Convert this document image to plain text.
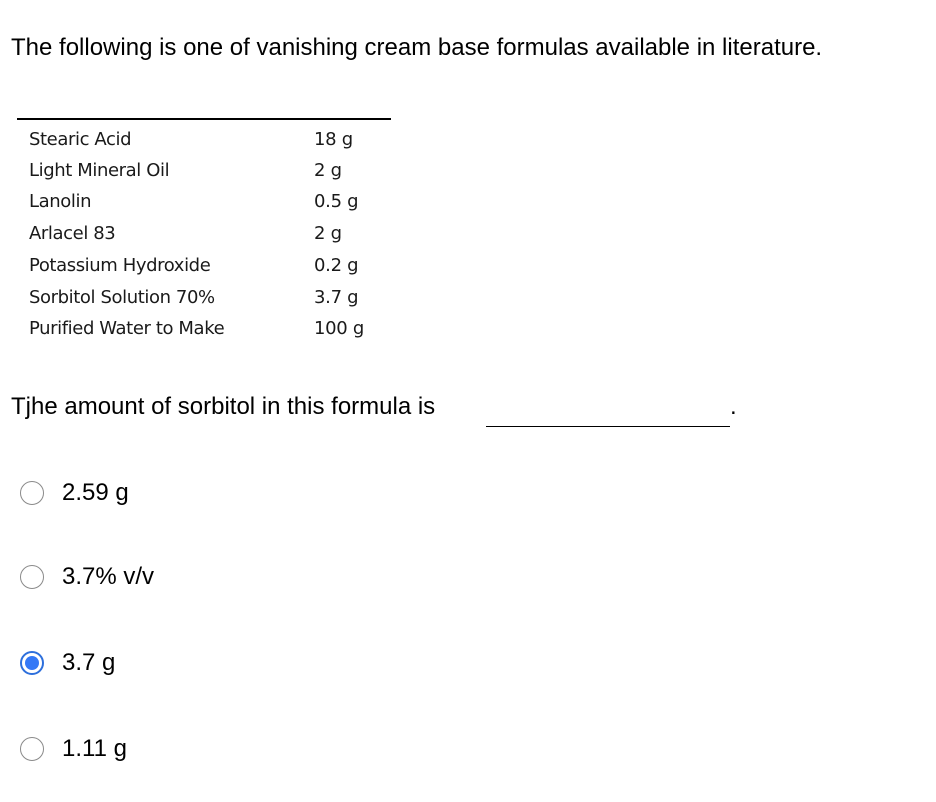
The following is one of vanishing cream base formulas available in literature.
Stearic Acid	18 g
Light Mineral Oil	2 g
Lanolin	0.5 g
Arlacel 83	2 g
Potassium Hydroxide	0.2 g
Sorbitol Solution 70%	3.7 g
Purified Water to Make	100 g
Tjhe amount of sorbitol in this formula is	.
2.59 g
3.7% v/v
3.7 g
1.11 g
